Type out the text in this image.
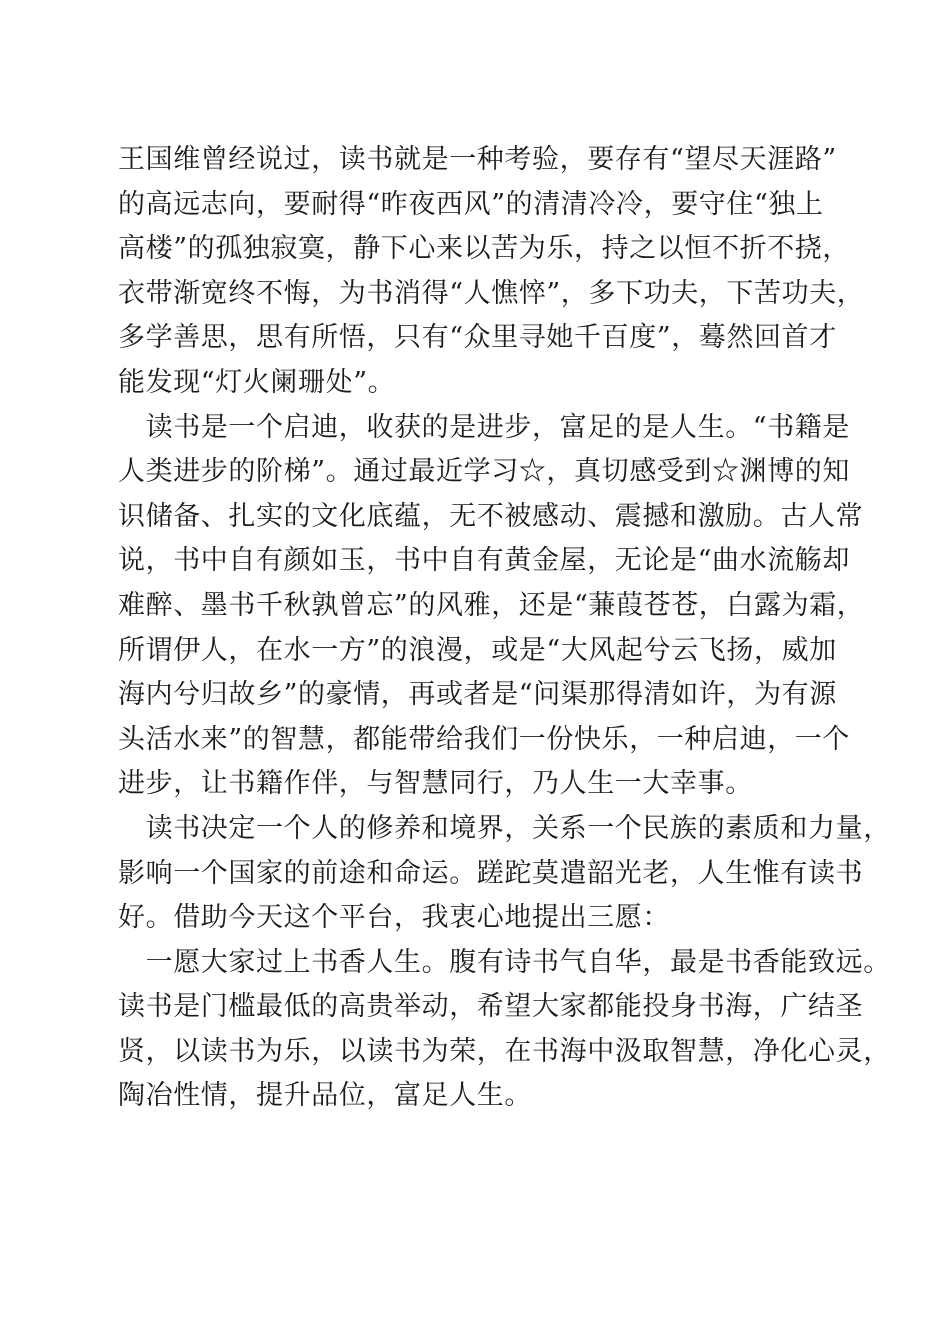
王国维曾经说过，读书就是一种考验，要存有“望尽天涯路”
的高远志向，要耐得“昨夜西风”的清清冷冷，要守住“独上
高楼”的孤独寂寞，静下心来以苦为乐，持之以恒不折不挠，
衣带渐宽终不悔，为书消得“人憔悴”，多下功夫，下苦功夫，
多学善思，思有所悟，只有“众里寻她千百度”，蓦然回首才
能发现“灯火阑珊处”。
　读书是一个启迪，收获的是进步，富足的是人生。“书籍是
人类进步的阶梯”。通过最近学习☆，真切感受到☆渊博的知
识储备、扎实的文化底蕴，无不被感动、震撼和激励。古人常
说，书中自有颜如玉，书中自有黄金屋，无论是“曲水流觞却
难醉、墨书千秋孰曾忘”的风雅，还是“蒹葭苍苍，白露为霜，
所谓伊人，在水一方”的浪漫，或是“大风起兮云飞扬，威加
海内兮归故乡”的豪情，再或者是“问渠那得清如许，为有源
头活水来”的智慧，都能带给我们一份快乐，一种启迪，一个
进步，让书籍作伴，与智慧同行，乃人生一大幸事。
　读书决定一个人的修养和境界，关系一个民族的素质和力量，
影响一个国家的前途和命运。蹉跎莫遣韶光老，人生惟有读书
好。借助今天这个平台，我衷心地提出三愿：
　一愿大家过上书香人生。腹有诗书气自华，最是书香能致远。
读书是门槛最低的高贵举动，希望大家都能投身书海，广结圣
贤，以读书为乐，以读书为荣，在书海中汲取智慧，净化心灵，
陶冶性情，提升品位，富足人生。
